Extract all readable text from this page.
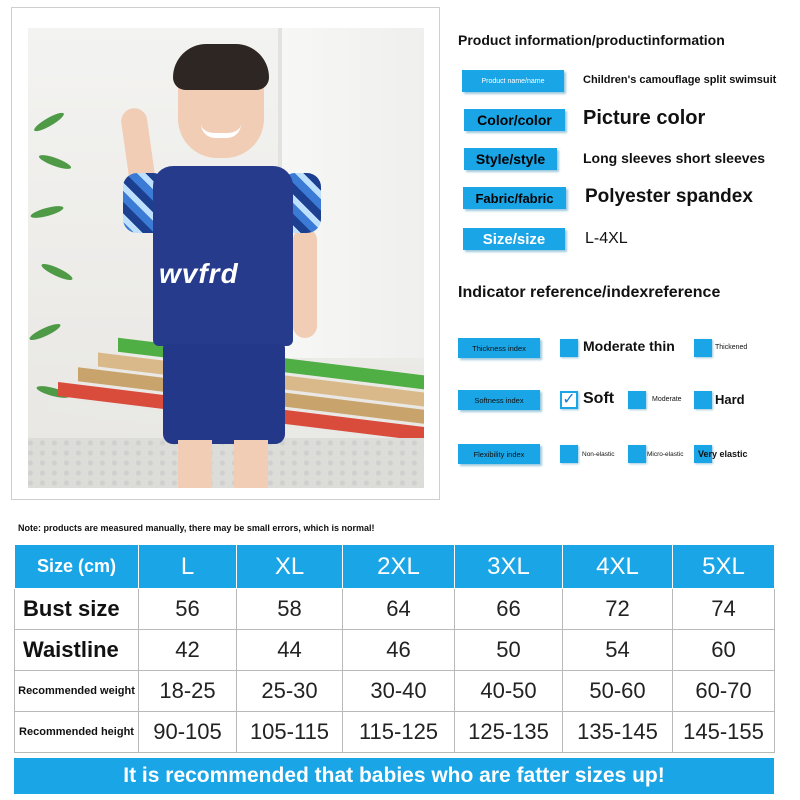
wvfrd
Product information/productinformation
Product name/name	Children's camouflage split swimsuit
Color/color	Picture color
Style/style	Long sleeves short sleeves
Fabric/fabric	Polyester spandex
Size/size	L-4XL
Indicator reference/indexreference
Thickness index	Moderate thin	Thickened
Softness index	✓ Soft	Moderate	Hard
Flexibility index	Non-elastic	Micro-elastic Very elastic
Note: products are measured manually, there may be small errors, which is normal!
Size (cm)	L	XL	2XL	3XL	4XL	5XL
Bust size	56	58	64	66	72	74
Waistline	42	44	46	50	54	60
Recommended weight	18-25	25-30	30-40	40-50	50-60	60-70
Recommended height	90-105	105-115	115-125	125-135	135-145	145-155
It is recommended that babies who are fatter sizes up!
